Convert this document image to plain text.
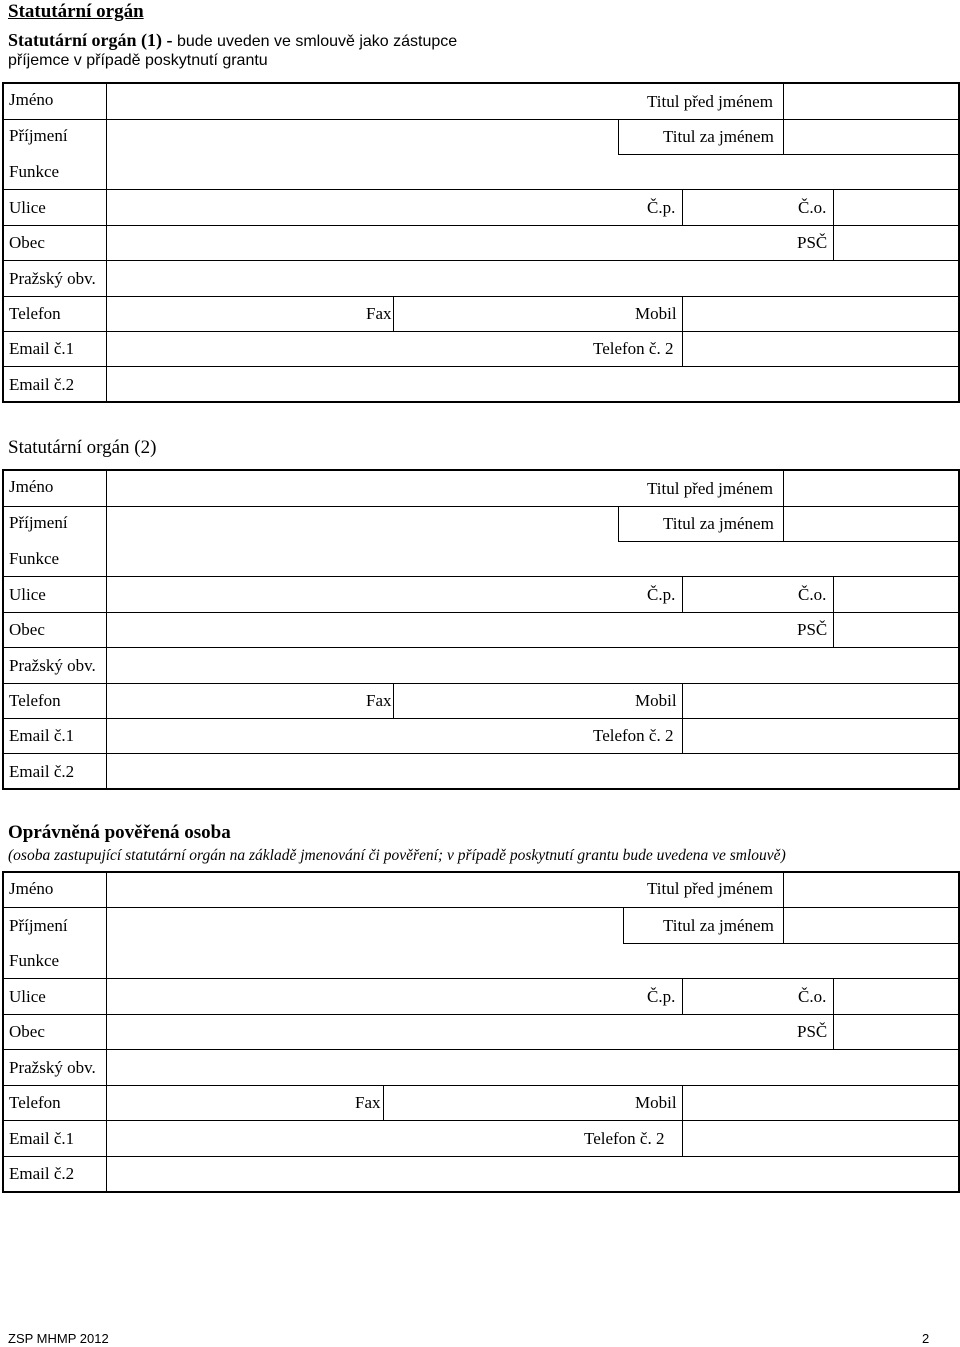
Statutární orgán
Statutární orgán (1) - bude uveden ve smlouvě jako zástupce
příjemce v případě poskytnutí grantu
Jméno	Titul před jménem
Příjmení	Titul za jménem
Funkce
Ulice	Č.p.	Č.o.
Obec	PSČ
Pražský obv.
Telefon	Fax	Mobil
Email č.1	Telefon č. 2
Email č.2
Statutární orgán (2)
Jméno	Titul před jménem
Příjmení	Titul za jménem
Funkce
Ulice	Č.p.	Č.o.
Obec	PSČ
Pražský obv.
Telefon	Fax	Mobil
Email č.1	Telefon č. 2
Email č.2
Oprávněná pověřená osoba
(osoba zastupující statutární orgán na základě jmenování či pověření; v případě poskytnutí grantu bude uvedena ve smlouvě)
Jméno	Titul před jménem
Příjmení	Titul za jménem
Funkce
Ulice	Č.p.	Č.o.
Obec	PSČ
Pražský obv.
Telefon	Fax	Mobil
Email č.1	Telefon č. 2
Email č.2
ZSP MHMP 2012	2
